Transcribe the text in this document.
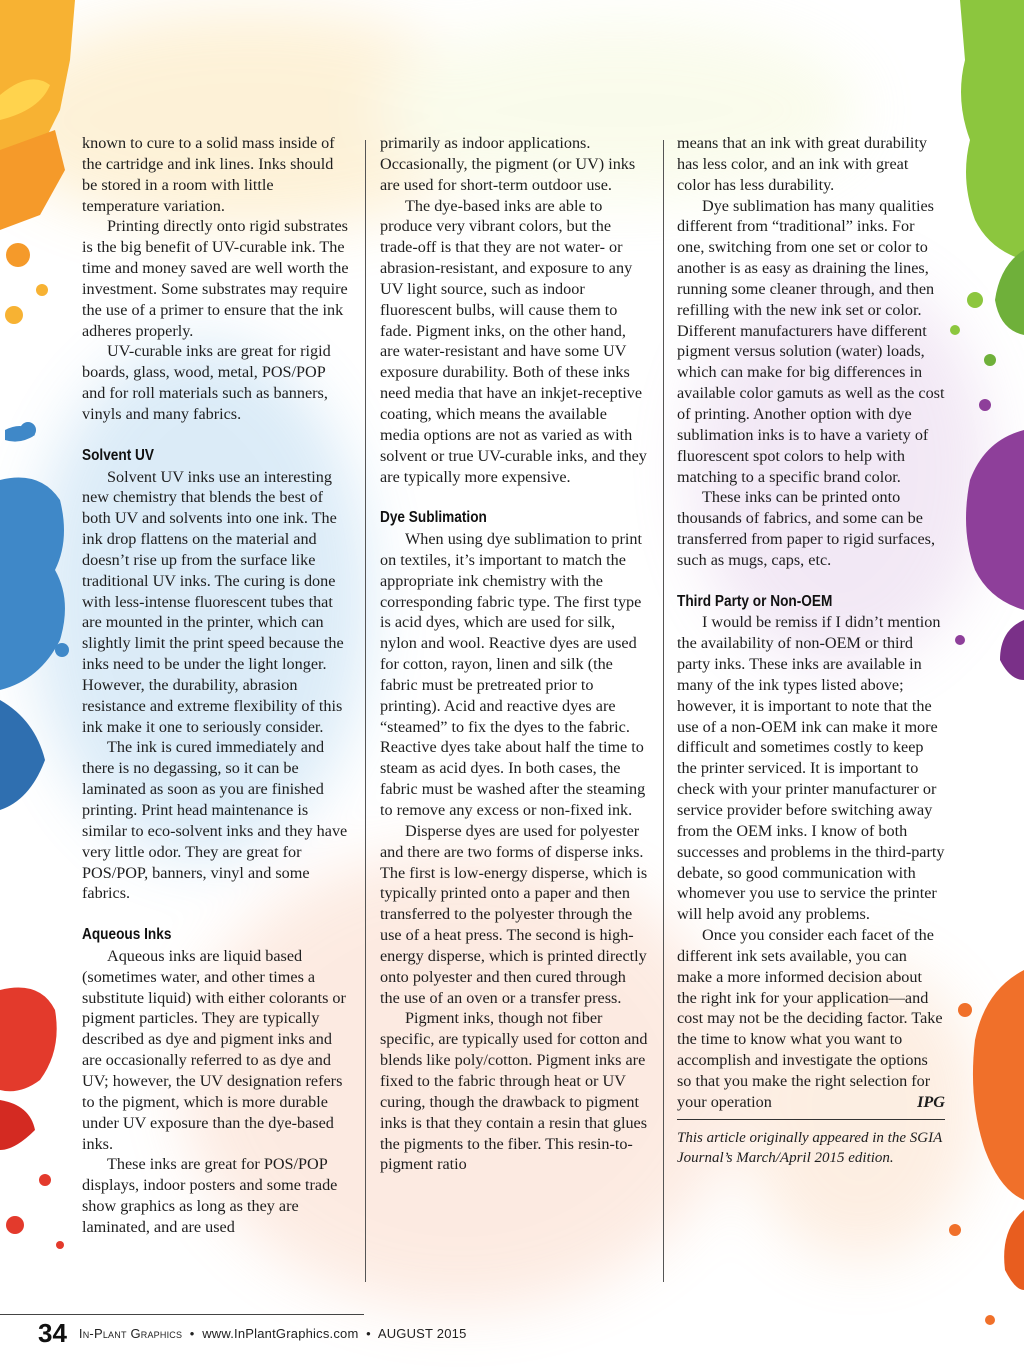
known to cure to a solid mass inside of the cartridge and ink lines. Inks should be stored in a room with little temperature variation.

Printing directly onto rigid substrates is the big benefit of UV-curable ink. The time and money saved are well worth the investment. Some substrates may require the use of a primer to ensure that the ink adheres properly.

UV-curable inks are great for rigid boards, glass, wood, metal, POS/POP and for roll materials such as banners, vinyls and many fabrics.

Solvent UV

Solvent UV inks use an interesting new chemistry that blends the best of both UV and solvents into one ink. The ink drop flattens on the material and doesn’t rise up from the surface like traditional UV inks. The curing is done with less-intense fluorescent tubes that are mounted in the printer, which can slightly limit the print speed because the inks need to be under the light longer. However, the durability, abrasion resistance and extreme flexibility of this ink make it one to seriously consider.

The ink is cured immediately and there is no degassing, so it can be laminated as soon as you are finished printing. Print head maintenance is similar to eco-solvent inks and they have very little odor. They are great for POS/POP, banners, vinyl and some fabrics.

Aqueous Inks

Aqueous inks are liquid based (sometimes water, and other times a substitute liquid) with either colorants or pigment particles. They are typically described as dye and pigment inks and are occasionally referred to as dye and UV; however, the UV designation refers to the pigment, which is more durable under UV exposure than the dye-based inks.

These inks are great for POS/POP displays, indoor posters and some trade show graphics as long as they are laminated, and are used

primarily as indoor applications. Occasionally, the pigment (or UV) inks are used for short-term outdoor use.

The dye-based inks are able to produce very vibrant colors, but the trade-off is that they are not water- or abrasion-resistant, and exposure to any UV light source, such as indoor fluorescent bulbs, will cause them to fade. Pigment inks, on the other hand, are water-resistant and have some UV exposure durability. Both of these inks need media that have an inkjet-receptive coating, which means the available media options are not as varied as with solvent or true UV-curable inks, and they are typically more expensive.

Dye Sublimation

When using dye sublimation to print on textiles, it’s important to match the appropriate ink chemistry with the corresponding fabric type. The first type is acid dyes, which are used for silk, nylon and wool. Reactive dyes are used for cotton, rayon, linen and silk (the fabric must be pretreated prior to printing). Acid and reactive dyes are “steamed” to fix the dyes to the fabric. Reactive dyes take about half the time to steam as acid dyes. In both cases, the fabric must be washed after the steaming to remove any excess or non-fixed ink.

Disperse dyes are used for polyester and there are two forms of disperse inks. The first is low-energy disperse, which is typically printed onto a paper and then transferred to the polyester through the use of a heat press. The second is high-energy disperse, which is printed directly onto polyester and then cured through the use of an oven or a transfer press.

Pigment inks, though not fiber specific, are typically used for cotton and blends like poly/cotton. Pigment inks are fixed to the fabric through heat or UV curing, though the drawback to pigment inks is that they contain a resin that glues the pigments to the fiber. This resin-to-pigment ratio

means that an ink with great durability has less color, and an ink with great color has less durability.

Dye sublimation has many qualities different from “traditional” inks. For one, switching from one set or color to another is as easy as draining the lines, running some cleaner through, and then refilling with the new ink set or color. Different manufacturers have different pigment versus solution (water) loads, which can make for big differences in available color gamuts as well as the cost of printing. Another option with dye sublimation inks is to have a variety of fluorescent spot colors to help with matching to a specific brand color.

These inks can be printed onto thousands of fabrics, and some can be transferred from paper to rigid surfaces, such as mugs, caps, etc.

Third Party or Non-OEM

I would be remiss if I didn’t mention the availability of non-OEM or third party inks. These inks are available in many of the ink types listed above; however, it is important to note that the use of a non-OEM ink can make it more difficult and sometimes costly to keep the printer serviced. It is important to check with your printer manufacturer or service provider before switching away from the OEM inks. I know of both successes and problems in the third-party debate, so good communication with whomever you use to service the printer will help avoid any problems.

Once you consider each facet of the different ink sets available, you can make a more informed decision about the right ink for your application—and cost may not be the deciding factor. Take the time to know what you want to accomplish and investigate the options so that you make the right selection for your operation	IPG

This article originally appeared in the SGIA Journal’s March/April 2015 edition.

34 In-Plant Graphics • www.InPlantGraphics.com • AUGUST 2015
